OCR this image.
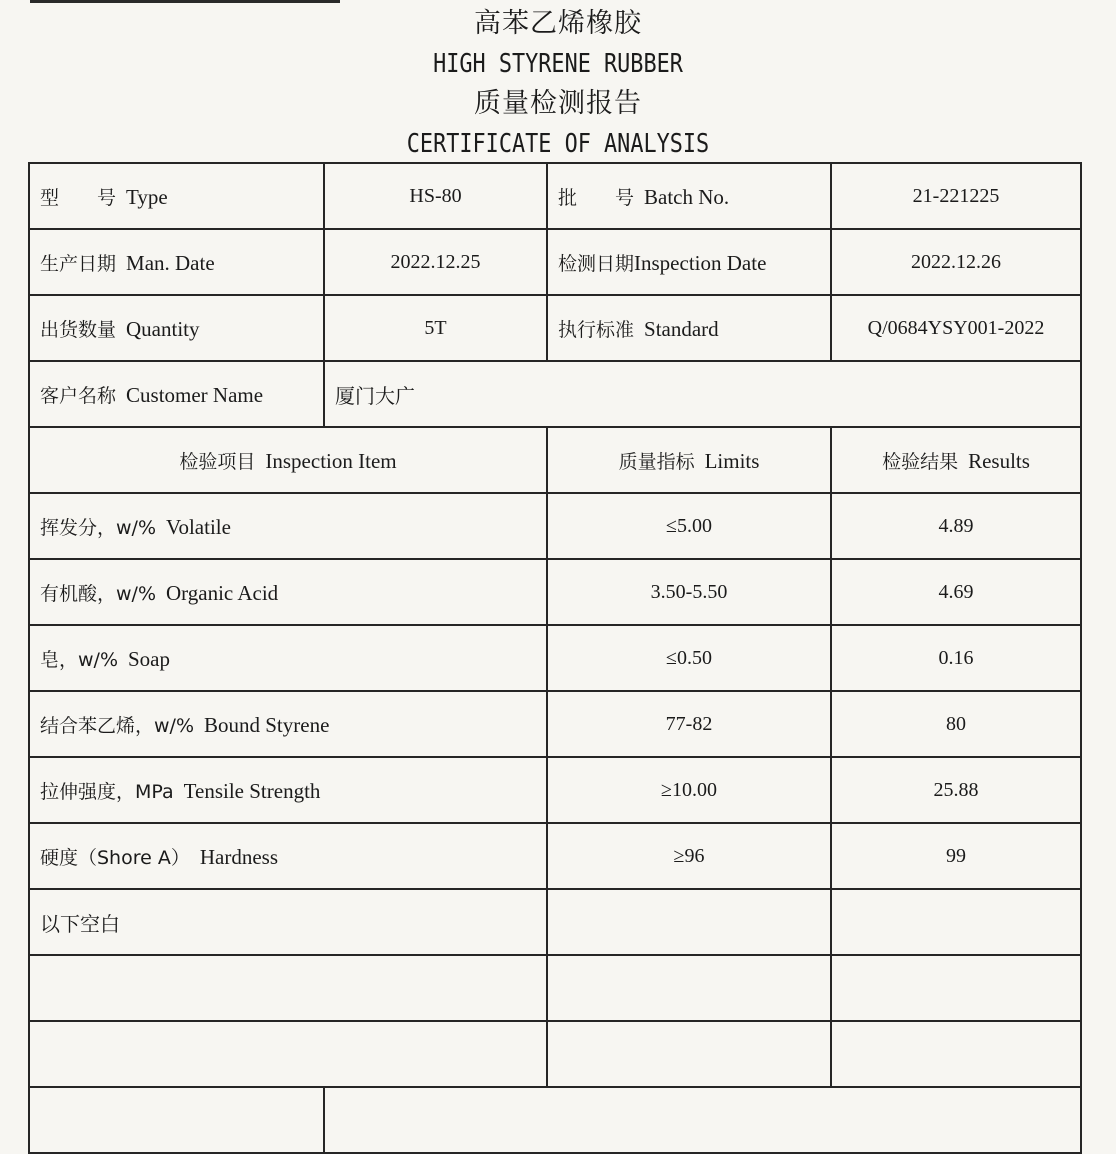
高苯乙烯橡胶
HIGH STYRENE RUBBER
质量检测报告
CERTIFICATE OF ANALYSIS
型　　号 Type	HS-80	批　　号 Batch No.	21-221225
生产日期 Man. Date	2022.12.25	检测日期Inspection Date	2022.12.26
出货数量 Quantity	5T	执行标准 Standard	Q/0684YSY001-2022
客户名称 Customer Name	厦门大广		
检验项目 Inspection Item		质量指标 Limits	检验结果 Results
挥发分，w/% Volatile		≤5.00	4.89
有机酸，w/% Organic Acid		3.50-5.50	4.69
皂，w/% Soap		≤0.50	0.16
结合苯乙烯，w/% Bound Styrene		77-82	80
拉伸强度，MPa Tensile Strength		≥10.00	25.88
硬度（Shore A） Hardness		≥96	99
以下空白			
